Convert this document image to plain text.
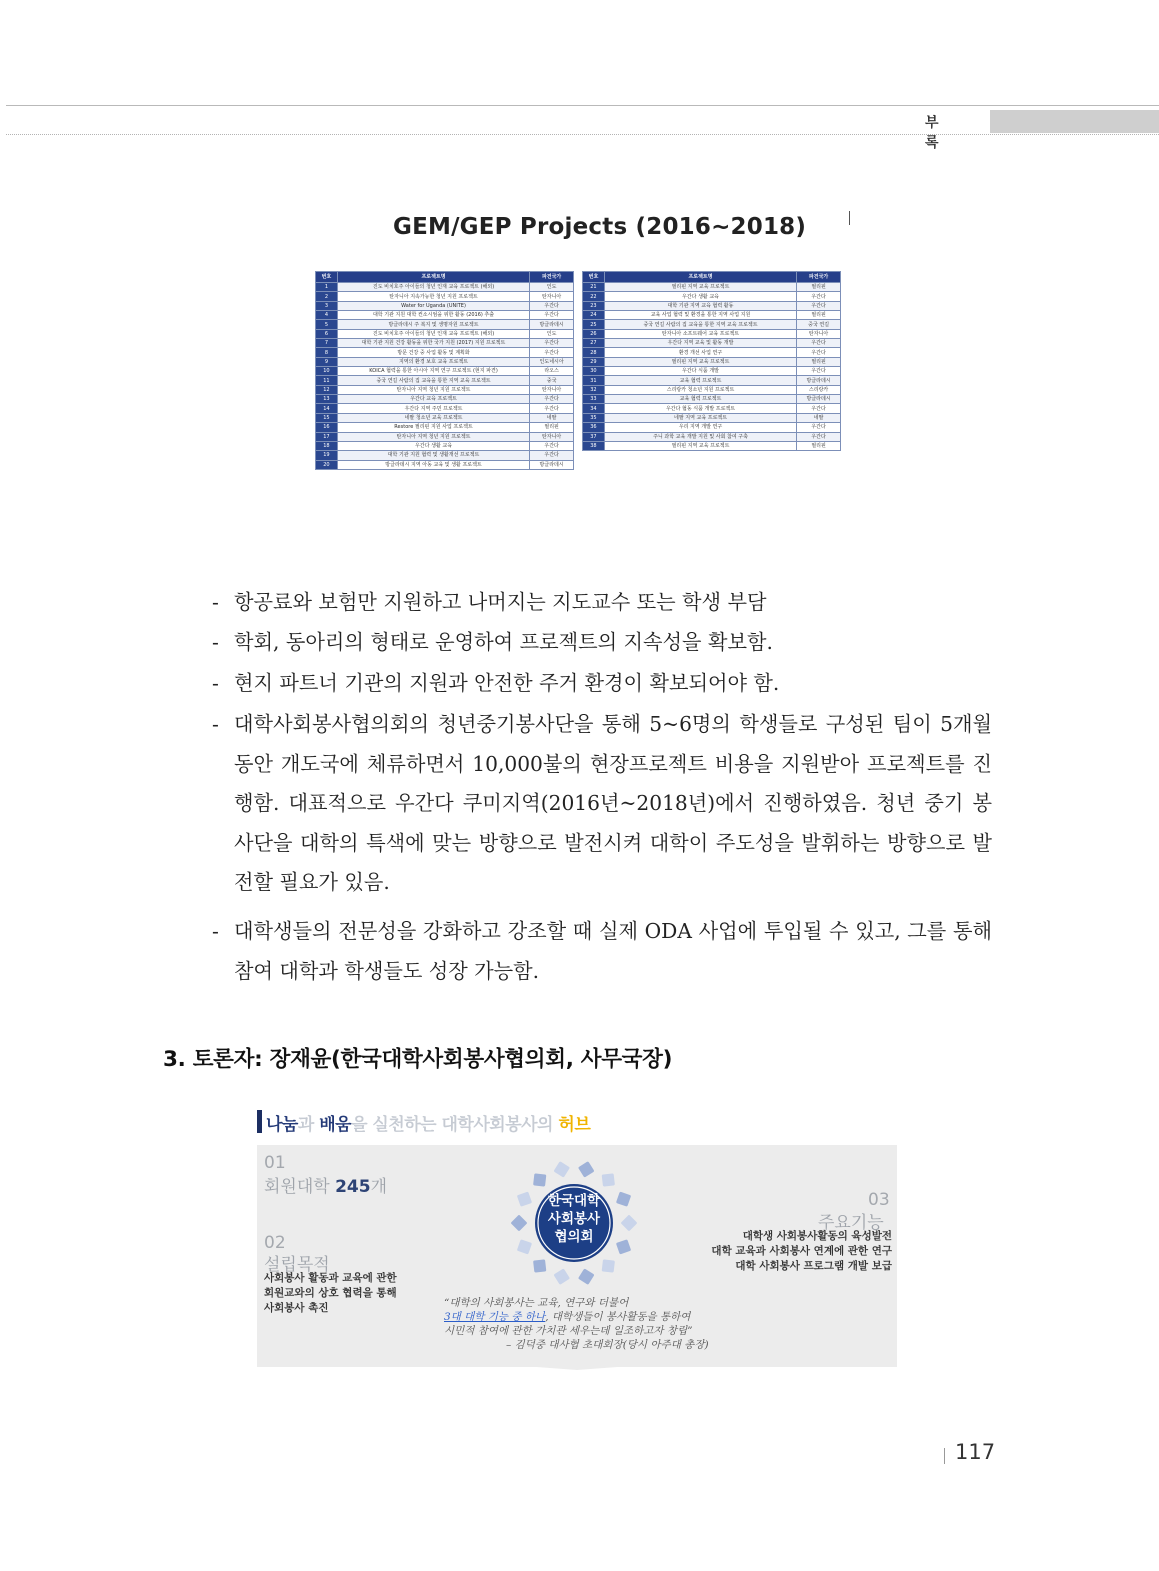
부 록
GEM/GEP Projects (2016~2018)
번호	프로젝트명	파견국가
1	진도 비치호주 아이들의 청년 인재 교육 프로젝트 (해외)	인도
2	탄자니아 지속가능한 청년 지원 프로젝트	탄자니아
3	Water for Uganda (UNITE)	우간다
4	대학 기관 지원 대학 컨소시엄을 위한 활동 (2016) 추출	우간다
5	방글라데시 주 복지 및 생명자원 프로젝트	방글라데시
6	진도 비치호주 아이들의 청년 인재 교육 프로젝트 (해외)	인도
7	대학 기관 지원 건강 활동을 위한 국가 지원 (2017) 지원 프로젝트	우간다
8	방문 건강 중 사업 활동 및 계획화	우간다
9	지역의 환경 보호 교육 프로젝트	인도네시아
10	KOICA 협력을 통한 아시아 지역 연구 프로젝트 (현지 파견)	라오스
11	중국 연길 사람의 집 교육을 통한 지역 교육 프로젝트	중국
12	탄자니아 지역 청년 지원 프로젝트	탄자니아
13	우간다 교육 프로젝트	우간다
14	우간다 지역 주민 프로젝트	우간다
15	네팔 청소년 교육 프로젝트	네팔
16	Restore 필리핀 지원 사업 프로젝트	필리핀
17	탄자니아 지역 청년 지원 프로젝트	탄자니아
18	우간다 생활 교육	우간다
19	대학 기관 지원 협력 및 생활개선 프로젝트	우간다
20	방글라데시 지역 아동 교육 및 생활 프로젝트	방글라데시
번호	프로젝트명	파견국가
21	필리핀 지역 교육 프로젝트	필리핀
22	우간다 생활 교육	우간다
23	대학 기관 지역 교육 협력 활동	우간다
24	교육 사업 협력 및 환경을 통한 지역 사업 지원	필리핀
25	중국 연길 사람의 집 교육을 통한 지역 교육 프로젝트	중국 연길
26	탄자니아 소프트웨어 교육 프로젝트	탄자니아
27	우간다 지역 교육 및 활동 개발	우간다
28	환경 개선 사업 연구	우간다
29	필리핀 지역 교육 프로젝트	필리핀
30	우간다 식품 개발	우간다
31	교육 협력 프로젝트	방글라데시
32	스리랑카 청소년 지원 프로젝트	스리랑카
33	교육 협력 프로젝트	방글라데시
34	우간다 협동 식품 개발 프로젝트	우간다
35	네팔 지역 교육 프로젝트	네팔
36	우리 지역 개발 연구	우간다
37	주니 과학 교육 개발 지원 및 사회 참여 구축	우간다
38	필리핀 지역 교육 프로젝트	필리핀
- 항공료와 보험만 지원하고 나머지는 지도교수 또는 학생 부담
- 학회, 동아리의 형태로 운영하여 프로젝트의 지속성을 확보함.
- 현지 파트너 기관의 지원과 안전한 주거 환경이 확보되어야 함.
- 대학사회봉사협의회의 청년중기봉사단을 통해 5~6명의 학생들로 구성된 팀이 5개월 동안 개도국에 체류하면서 10,000불의 현장프로젝트 비용을 지원받아 프로젝트를 진행함. 대표적으로 우간다 쿠미지역(2016년~2018년)에서 진행하였음. 청년 중기 봉사단을 대학의 특색에 맞는 방향으로 발전시켜 대학이 주도성을 발휘하는 방향으로 발전할 필요가 있음.
- 대학생들의 전문성을 강화하고 강조할 때 실제 ODA 사업에 투입될 수 있고, 그를 통해 참여 대학과 학생들도 성장 가능함.
3. 토론자: 장재윤(한국대학사회봉사협의회, 사무국장)
나눔과 배움을 실천하는 대학사회봉사의 허브
01
회원대학 245개
02
설립목적
사회봉사 활동과 교육에 관한
회원교와의 상호 협력을 통해
사회봉사 촉진
03
주요기능
대학생 사회봉사활동의 육성발전
대학 교육과 사회봉사 연계에 관한 연구
대학 사회봉사 프로그램 개발 보급
한국대학
사회봉사
협의회
“대학의 사회봉사는 교육, 연구와 더불어
3대 대학 기능 중 하나, 대학생들이 봉사활동을 통하여
시민적 참여에 관한 가치관 세우는데 일조하고자 창립”
– 김덕중 대사협 초대회장(당시 아주대 총장)
117
